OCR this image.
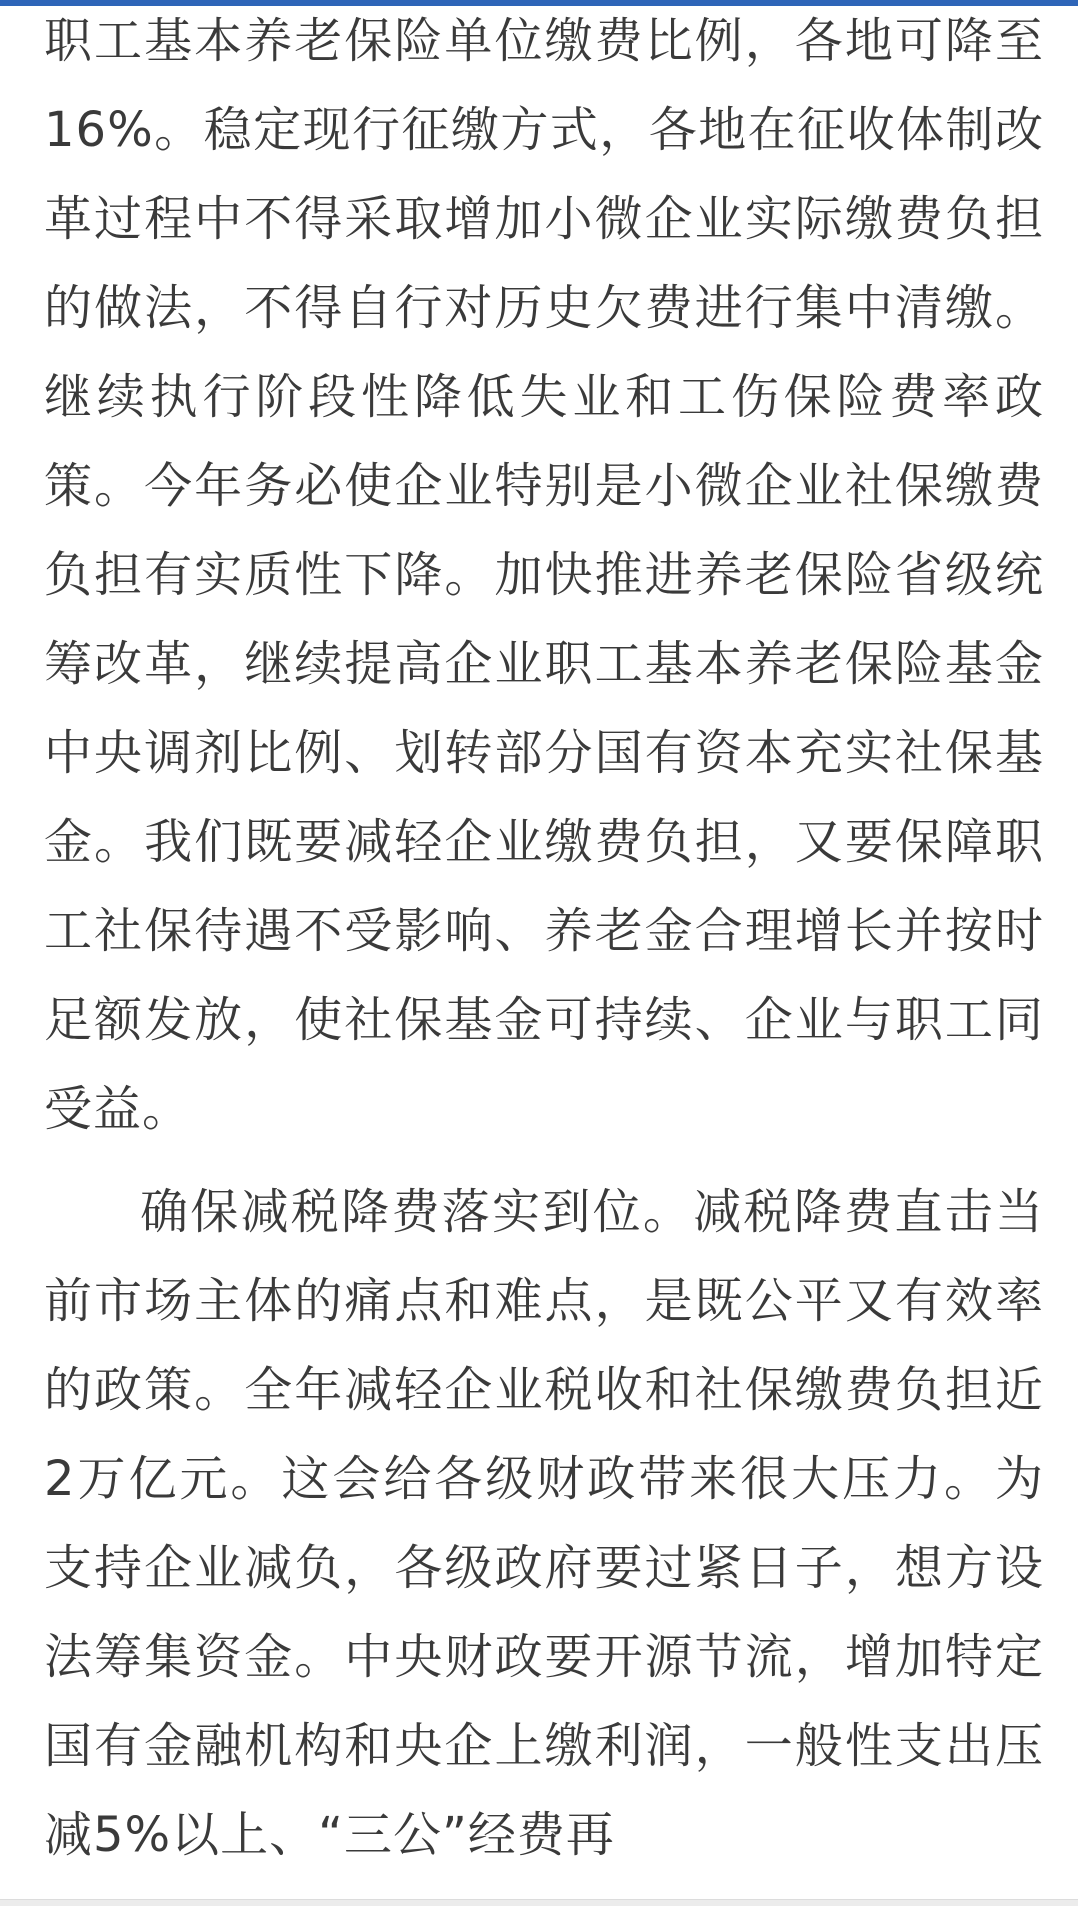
职工基本养老保险单位缴费比例，各地可降至16%。稳定现行征缴方式，各地在征收体制改革过程中不得采取增加小微企业实际缴费负担的做法，不得自行对历史欠费进行集中清缴。继续执行阶段性降低失业和工伤保险费率政策。今年务必使企业特别是小微企业社保缴费负担有实质性下降。加快推进养老保险省级统筹改革，继续提高企业职工基本养老保险基金中央调剂比例、划转部分国有资本充实社保基金。我们既要减轻企业缴费负担，又要保障职工社保待遇不受影响、养老金合理增长并按时足额发放，使社保基金可持续、企业与职工同受益。

确保减税降费落实到位。减税降费直击当前市场主体的痛点和难点，是既公平又有效率的政策。全年减轻企业税收和社保缴费负担近2万亿元。这会给各级财政带来很大压力。为支持企业减负，各级政府要过紧日子，想方设法筹集资金。中央财政要开源节流，增加特定国有金融机构和央企上缴利润，一般性支出压减5%以上、“三公”经费再
